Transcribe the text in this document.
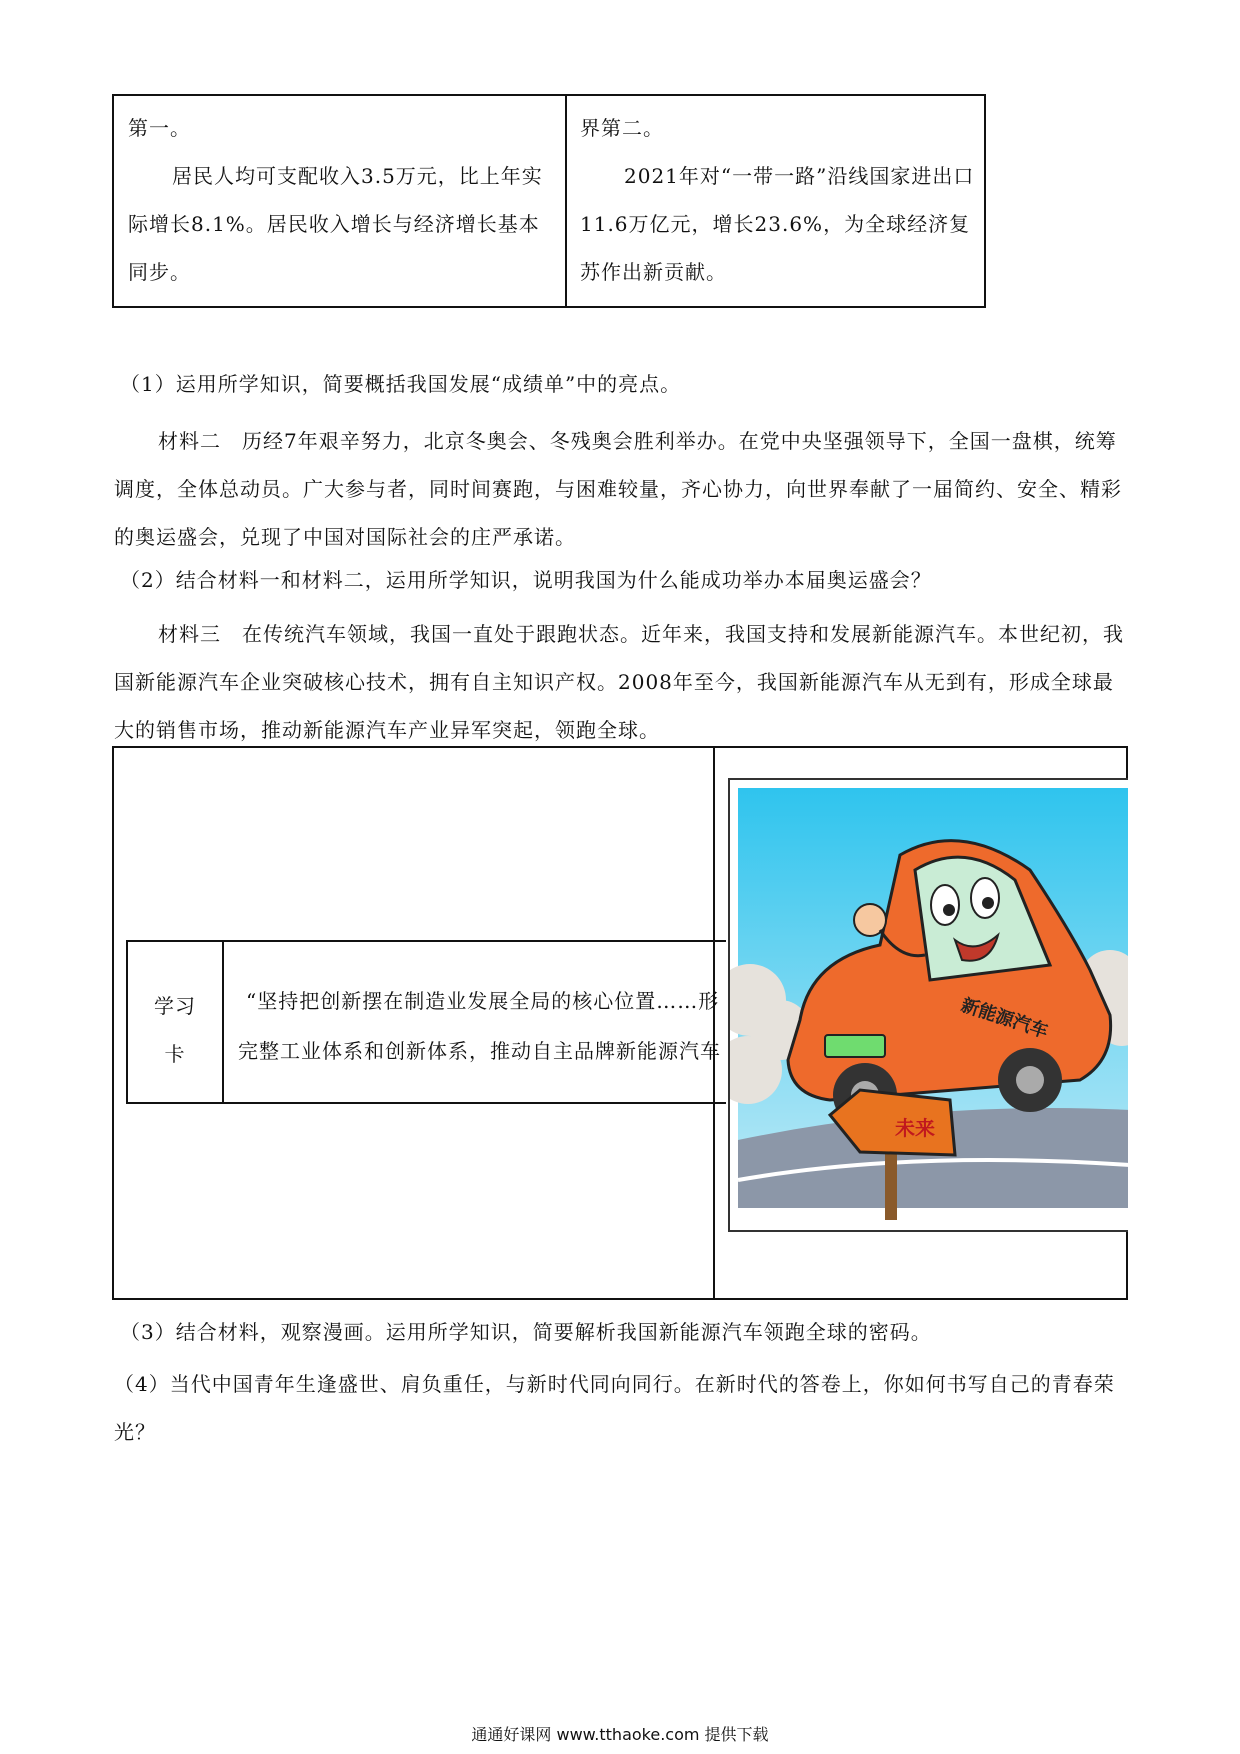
第一。

居民人均可支配收入3.5万元，比上年实际增长8.1%。居民收入增长与经济增长基本同步。

界第二。

2021年对“一带一路”沿线国家进出口11.6万亿元，增长23.6%，为全球经济复苏作出新贡献。

（1）运用所学知识，简要概括我国发展“成绩单”中的亮点。
材料二　历经7年艰辛努力，北京冬奥会、冬残奥会胜利举办。在党中央坚强领导下，全国一盘棋，统筹调度，全体总动员。广大参与者，同时间赛跑，与困难较量，齐心协力，向世界奉献了一届简约、安全、精彩的奥运盛会，兑现了中国对国际社会的庄严承诺。
（2）结合材料一和材料二，运用所学知识，说明我国为什么能成功举办本届奥运盛会？
材料三　在传统汽车领域，我国一直处于跟跑状态。近年来，我国支持和发展新能源汽车。本世纪初，我国新能源汽车企业突破核心技术，拥有自主知识产权。2008年至今，我国新能源汽车从无到有，形成全球最大的销售市场，推动新能源汽车产业异军突起，领跑全球。
学习
卡
“坚持把创新摆在制造业发展全局的核心位置……形
完整工业体系和创新体系，推动自主品牌新能源汽车
新能源汽车
未来
（3）结合材料，观察漫画。运用所学知识，简要解析我国新能源汽车领跑全球的密码。
（4）当代中国青年生逢盛世、肩负重任，与新时代同向同行。在新时代的答卷上，你如何书写自己的青春荣光？
通通好课网 www.tthaoke.com 提供下载
